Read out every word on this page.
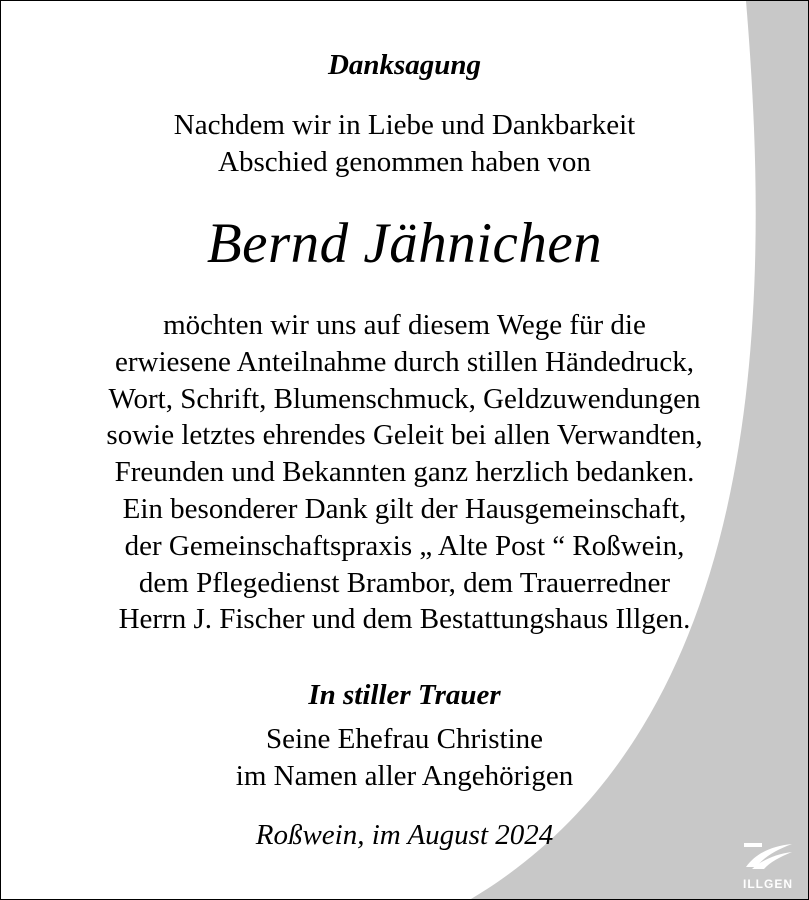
Danksagung
Nachdem wir in Liebe und Dankbarkeit
Abschied genommen haben von
Bernd Jähnichen
möchten wir uns auf diesem Wege für die
erwiesene Anteilnahme durch stillen Händedruck,
Wort, Schrift, Blumenschmuck, Geldzuwendungen
sowie letztes ehrendes Geleit bei allen Verwandten,
Freunden und Bekannten ganz herzlich bedanken.
Ein besonderer Dank gilt der Hausgemeinschaft,
der Gemeinschaftspraxis „ Alte Post “ Roßwein,
dem Pflegedienst Brambor, dem Trauerredner
Herrn J. Fischer und dem Bestattungshaus Illgen.
In stiller Trauer
Seine Ehefrau Christine
im Namen aller Angehörigen
Roßwein, im August 2024
ILLGEN
